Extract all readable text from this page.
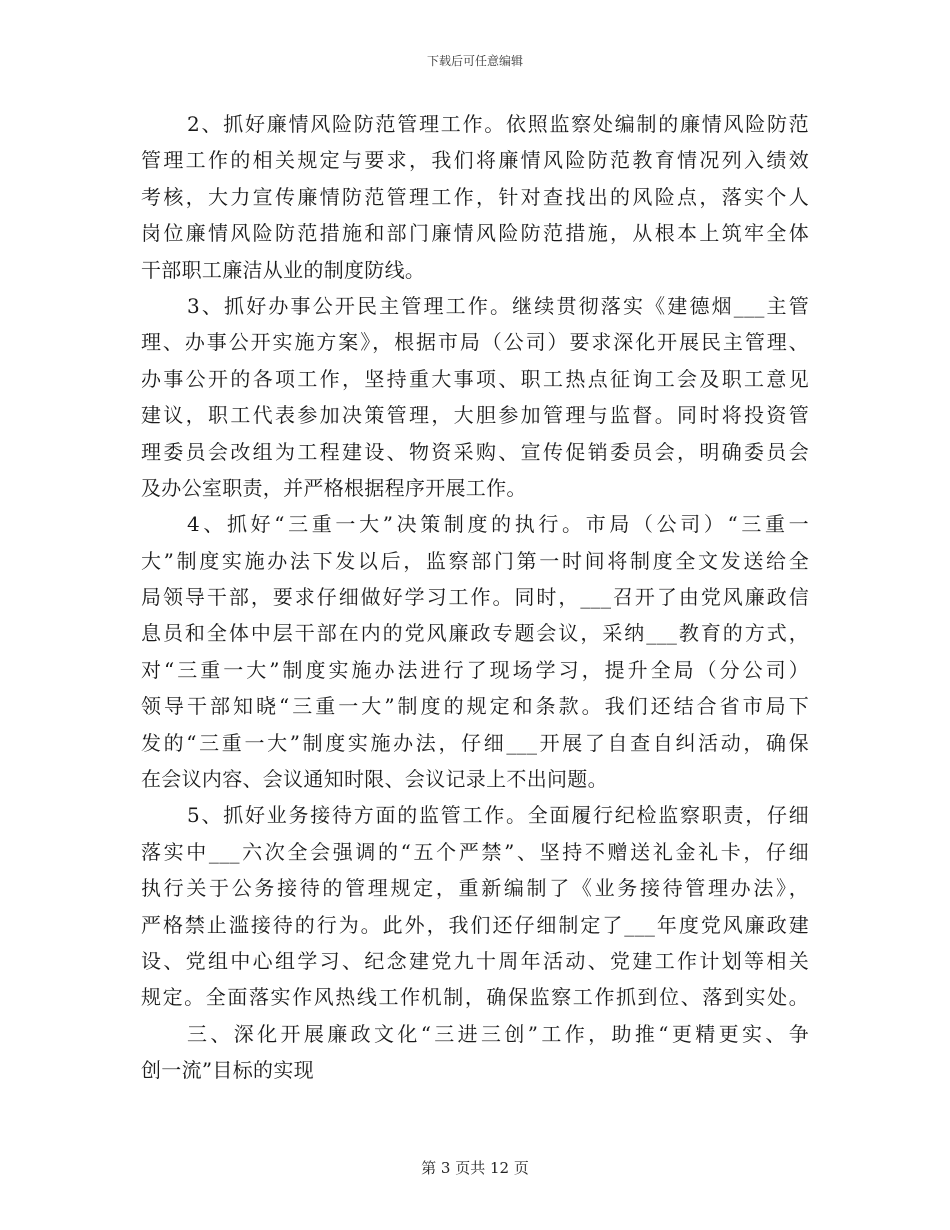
下载后可任意编辑
2、抓好廉情风险防范管理工作。依照监察处编制的廉情风险防范
管理工作的相关规定与要求，我们将廉情风险防范教育情况列入绩效
考核，大力宣传廉情防范管理工作，针对查找出的风险点，落实个人
岗位廉情风险防范措施和部门廉情风险防范措施，从根本上筑牢全体
干部职工廉洁从业的制度防线。
3、抓好办事公开民主管理工作。继续贯彻落实《建德烟___主管
理、办事公开实施方案》，根据市局（公司）要求深化开展民主管理、
办事公开的各项工作，坚持重大事项、职工热点征询工会及职工意见
建议，职工代表参加决策管理，大胆参加管理与监督。同时将投资管
理委员会改组为工程建设、物资采购、宣传促销委员会，明确委员会
及办公室职责，并严格根据程序开展工作。
4、抓好“三重一大”决策制度的执行。市局（公司）“三重一
大”制度实施办法下发以后，监察部门第一时间将制度全文发送给全
局领导干部，要求仔细做好学习工作。同时，___召开了由党风廉政信
息员和全体中层干部在内的党风廉政专题会议，采纳___教育的方式，
对“三重一大”制度实施办法进行了现场学习，提升全局（分公司）
领导干部知晓“三重一大”制度的规定和条款。我们还结合省市局下
发的“三重一大”制度实施办法，仔细___开展了自查自纠活动，确保
在会议内容、会议通知时限、会议记录上不出问题。
5、抓好业务接待方面的监管工作。全面履行纪检监察职责，仔细
落实中___六次全会强调的“五个严禁”、坚持不赠送礼金礼卡，仔细
执行关于公务接待的管理规定，重新编制了《业务接待管理办法》，
严格禁止滥接待的行为。此外，我们还仔细制定了___年度党风廉政建
设、党组中心组学习、纪念建党九十周年活动、党建工作计划等相关
规定。全面落实作风热线工作机制，确保监察工作抓到位、落到实处。
三、深化开展廉政文化“三进三创”工作，助推“更精更实、争
创一流”目标的实现
第 3 页共 12 页
